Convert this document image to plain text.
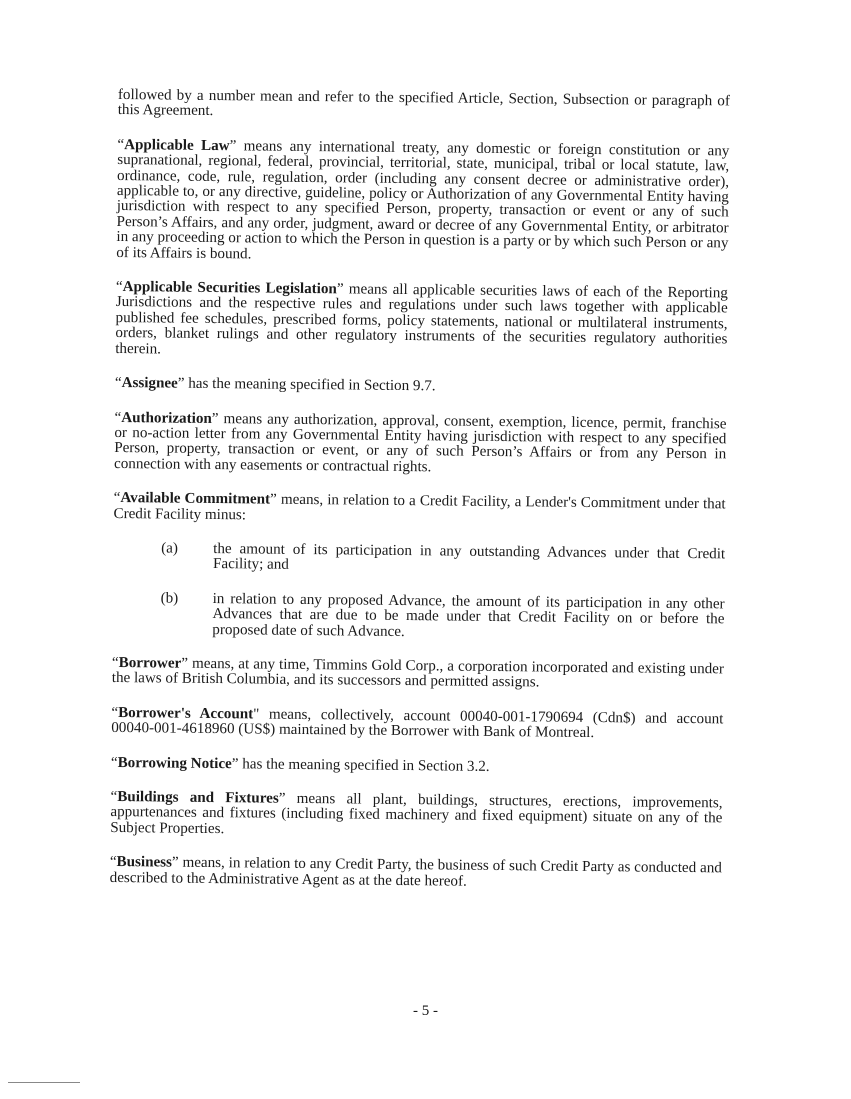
followed by a number mean and refer to the specified Article, Section, Subsection or paragraph of this Agreement.

“Applicable Law” means any international treaty, any domestic or foreign constitution or any supranational, regional, federal, provincial, territorial, state, municipal, tribal or local statute, law, ordinance, code, rule, regulation, order (including any consent decree or administrative order), applicable to, or any directive, guideline, policy or Authorization of any Governmental Entity having jurisdiction with respect to any specified Person, property, transaction or event or any of such Person’s Affairs, and any order, judgment, award or decree of any Governmental Entity, or arbitrator in any proceeding or action to which the Person in question is a party or by which such Person or any of its Affairs is bound.

“Applicable Securities Legislation” means all applicable securities laws of each of the Reporting Jurisdictions and the respective rules and regulations under such laws together with applicable published fee schedules, prescribed forms, policy statements, national or multilateral instruments, orders, blanket rulings and other regulatory instruments of the securities regulatory authorities therein.

“Assignee” has the meaning specified in Section 9.7.

“Authorization” means any authorization, approval, consent, exemption, licence, permit, franchise or no-action letter from any Governmental Entity having jurisdiction with respect to any specified Person, property, transaction or event, or any of such Person’s Affairs or from any Person in connection with any easements or contractual rights.

“Available Commitment” means, in relation to a Credit Facility, a Lender's Commitment under that Credit Facility minus:

(a)	the amount of its participation in any outstanding Advances under that Credit Facility; and
(b)	in relation to any proposed Advance, the amount of its participation in any other Advances that are due to be made under that Credit Facility on or before the proposed date of such Advance.

“Borrower” means, at any time, Timmins Gold Corp., a corporation incorporated and existing under the laws of British Columbia, and its successors and permitted assigns.

“Borrower's Account" means, collectively, account 00040-001-1790694 (Cdn$) and account 00040-001-4618960 (US$) maintained by the Borrower with Bank of Montreal.

“Borrowing Notice” has the meaning specified in Section 3.2.

“Buildings and Fixtures” means all plant, buildings, structures, erections, improvements, appurtenances and fixtures (including fixed machinery and fixed equipment) situate on any of the Subject Properties.

“Business” means, in relation to any Credit Party, the business of such Credit Party as conducted and described to the Administrative Agent as at the date hereof.

- 5 -
